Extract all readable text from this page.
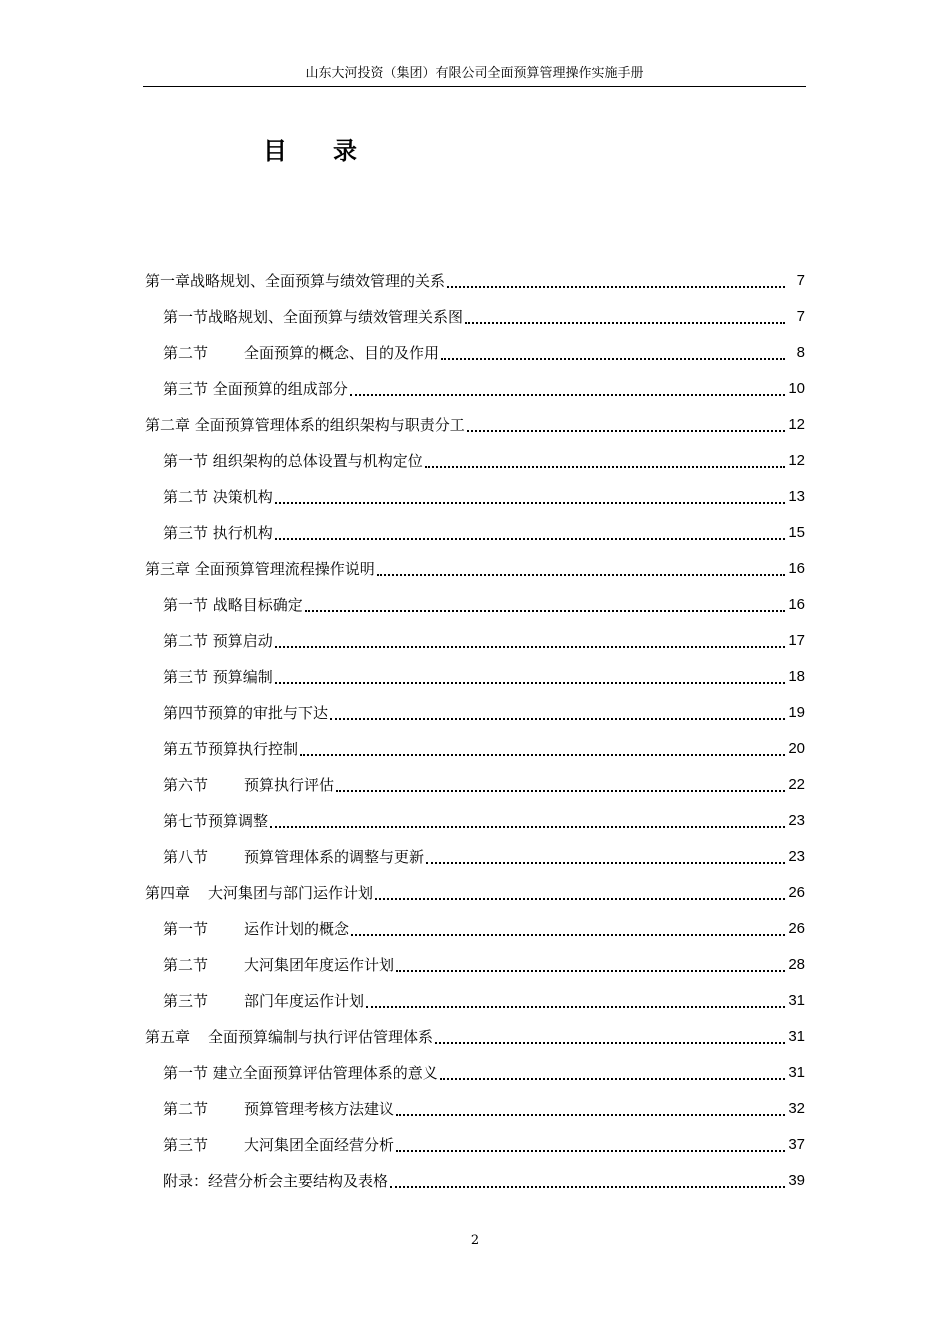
山东大河投资（集团）有限公司全面预算管理操作实施手册
目 录
第一章战略规划、全面预算与绩效管理的关系	7
第一节战略规划、全面预算与绩效管理关系图	7
第二节 全面预算的概念、目的及作用	8
第三节 全面预算的组成部分	10
第二章 全面预算管理体系的组织架构与职责分工	12
第一节 组织架构的总体设置与机构定位	12
第二节 决策机构	13
第三节 执行机构	15
第三章 全面预算管理流程操作说明	16
第一节 战略目标确定	16
第二节 预算启动	17
第三节 预算编制	18
第四节预算的审批与下达	19
第五节预算执行控制	20
第六节 预算执行评估	22
第七节预算调整	23
第八节 预算管理体系的调整与更新	23
第四章 大河集团与部门运作计划	26
第一节 运作计划的概念	26
第二节 大河集团年度运作计划	28
第三节 部门年度运作计划	31
第五章 全面预算编制与执行评估管理体系	31
第一节 建立全面预算评估管理体系的意义	31
第二节 预算管理考核方法建议	32
第三节 大河集团全面经营分析	37
附录：经营分析会主要结构及表格	39
2
